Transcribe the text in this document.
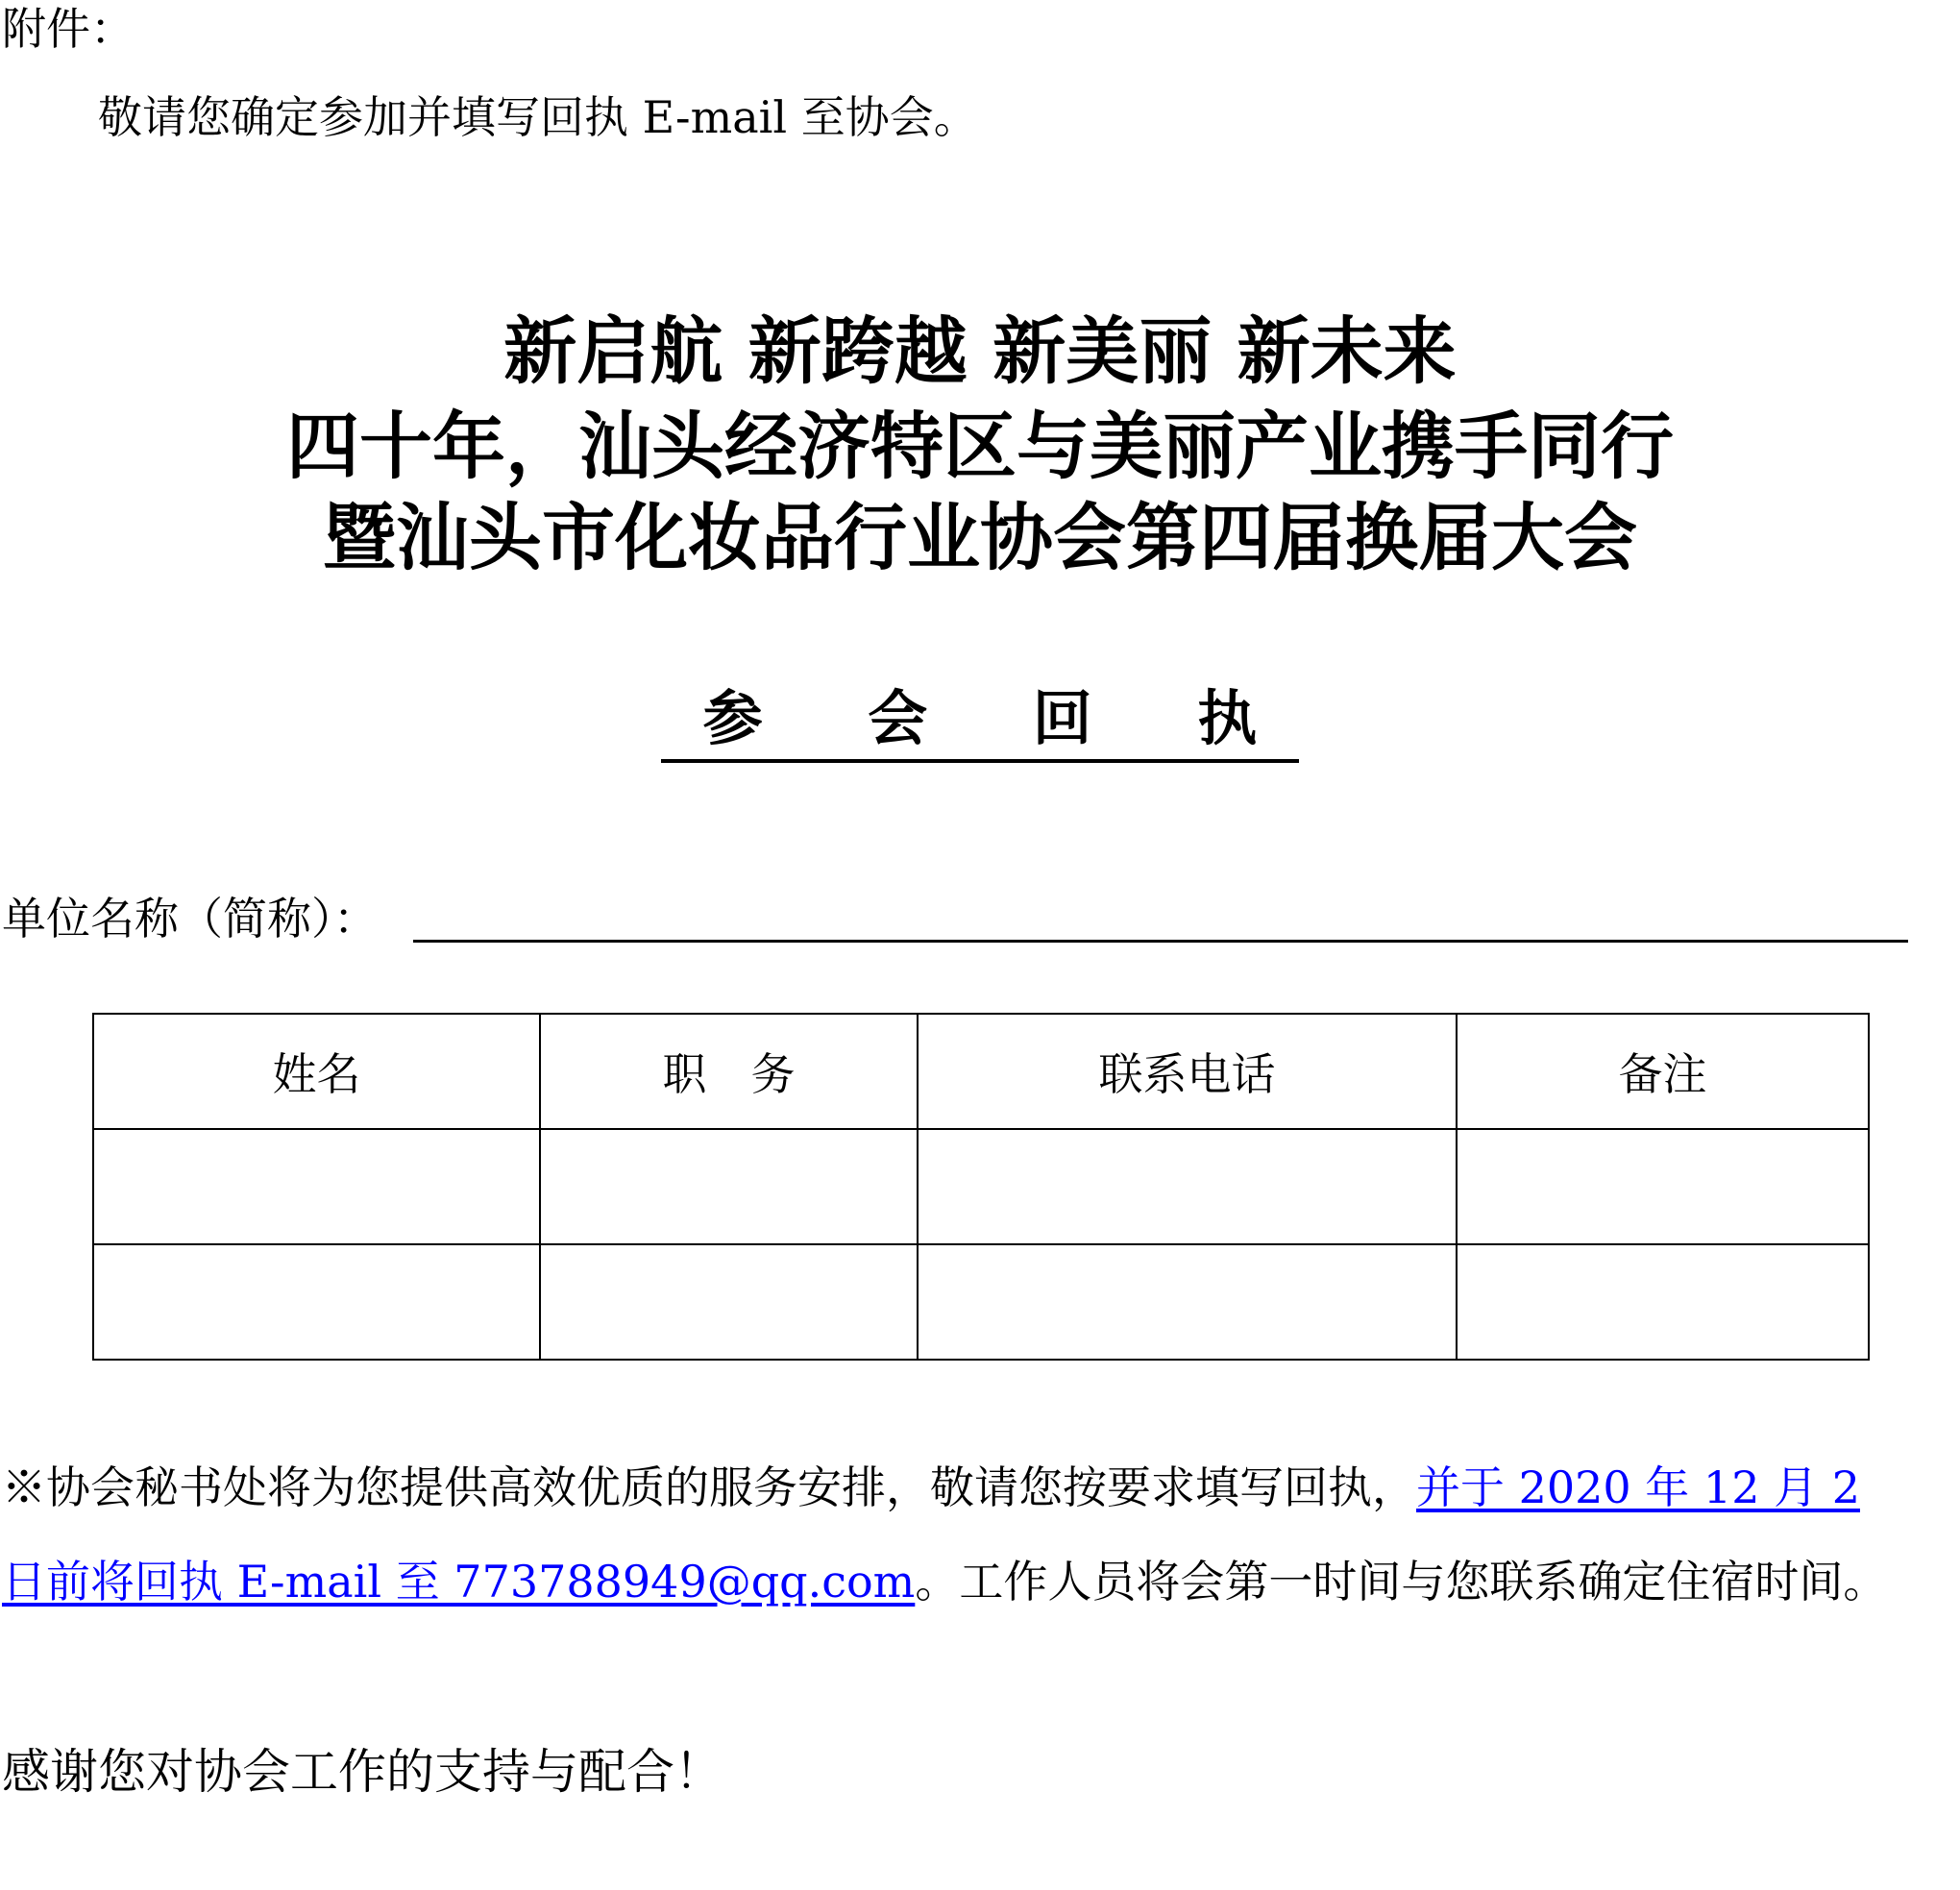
附件：
敬请您确定参加并填写回执 E-mail 至协会。
新启航 新跨越 新美丽 新未来
四十年，汕头经济特区与美丽产业携手同行
暨汕头市化妆品行业协会第四届换届大会
参 会 回 执
单位名称（简称）：
姓名	职　务	联系电话	备注

※协会秘书处将为您提供高效优质的服务安排，敬请您按要求填写回执，并于 2020 年 12 月 2
日前将回执 E-mail 至 773788949@qq.com。工作人员将会第一时间与您联系确定住宿时间。
感谢您对协会工作的支持与配合！
